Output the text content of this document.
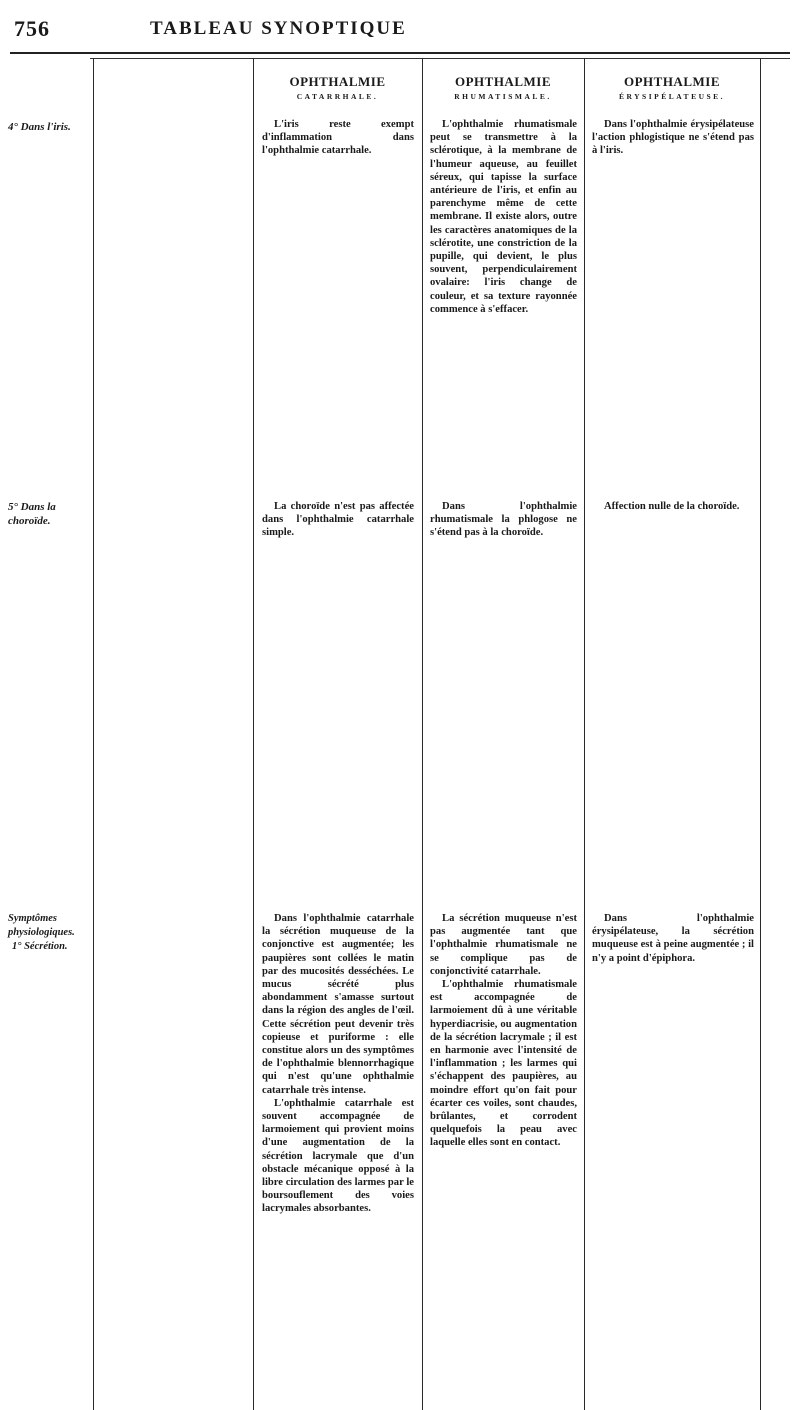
756	TABLEAU SYNOPTIQUE
OPHTHALMIE
CATARRHALE.
OPHTHALMIE
RHUMATISMALE.
OPHTHALMIE
ÉRYSIPÉLATEUSE.
4° Dans l'iris.	L'iris reste exempt d'inflammation dans l'ophthalmie catarrhale.
L'ophthalmie rhumatismale peut se transmettre à la sclérotique, à la membrane de l'humeur aqueuse, au feuillet séreux, qui tapisse la surface antérieure de l'iris, et enfin au parenchyme même de cette membrane. Il existe alors, outre les caractères anatomiques de la sclérotite, une constriction de la pupille, qui devient, le plus souvent, perpendiculairement ovalaire: l'iris change de couleur, et sa texture rayonnée commence à s'effacer.
Dans l'ophthalmie érysipélateuse l'action phlogistique ne s'étend pas à l'iris.
5° Dans la choroïde.
La choroïde n'est pas affectée dans l'ophthalmie catarrhale simple.
Dans l'ophthalmie rhumatismale la phlogose ne s'étend pas à la choroïde.
Affection nulle de la choroïde.
Symptômes physiologiques.
1° Sécrétion.

Dans l'ophthalmie catarrhale la sécrétion muqueuse de la conjonctive est augmentée; les paupières sont collées le matin par des mucosités desséchées. Le mucus sécrété plus abondamment s'amasse surtout dans la région des angles de l'œil. Cette sécrétion peut devenir très copieuse et puriforme : elle constitue alors un des symptômes de l'ophthalmie blennorrhagique qui n'est qu'une ophthalmie catarrhale très intense.

L'ophthalmie catarrhale est souvent accompagnée de larmoiement qui provient moins d'une augmentation de la sécrétion lacrymale que d'un obstacle mécanique opposé à la libre circulation des larmes par le boursouflement des voies lacrymales absorbantes.

La sécrétion muqueuse n'est pas augmentée tant que l'ophthalmie rhumatismale ne se complique pas de conjonctivité catarrhale.

L'ophthalmie rhumatismale est accompagnée de larmoiement dû à une véritable hyperdiacrisie, ou augmentation de la sécrétion lacrymale ; il est en harmonie avec l'intensité de l'inflammation ; les larmes qui s'échappent des paupières, au moindre effort qu'on fait pour écarter ces voiles, sont chaudes, brûlantes, et corrodent quelquefois la peau avec laquelle elles sont en contact.

Dans l'ophthalmie érysipélateuse, la sécrétion muqueuse est à peine augmentée ; il n'y a point d'épiphora.
